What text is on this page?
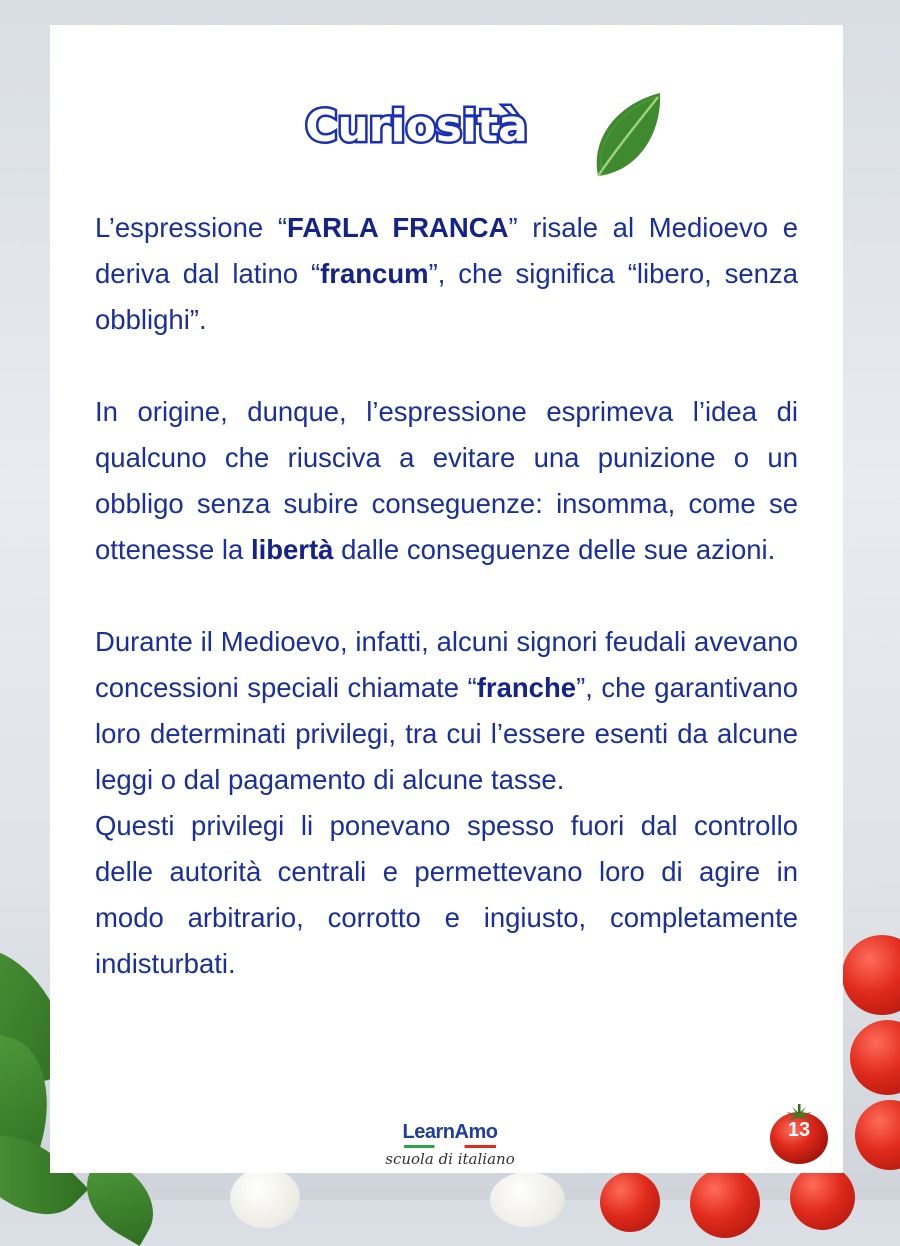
Curiosità

L’espressione “FARLA FRANCA” risale al Medioevo e deriva dal latino “francum”, che significa “libero, senza obblighi”.

In origine, dunque, l’espressione esprimeva l’idea di qualcuno che riusciva a evitare una punizione o un obbligo senza subire conseguenze: insomma, come se ottenesse la libertà dalle conseguenze delle sue azioni.

Durante il Medioevo, infatti, alcuni signori feudali avevano concessioni speciali chiamate “franche”, che garantivano loro determinati privilegi, tra cui l’essere esenti da alcune leggi o dal pagamento di alcune tasse.

Questi privilegi li ponevano spesso fuori dal controllo delle autorità centrali e permettevano loro di agire in modo arbitrario, corrotto e ingiusto, completamente indisturbati.

LearnAmo
scuola di italiano
13
